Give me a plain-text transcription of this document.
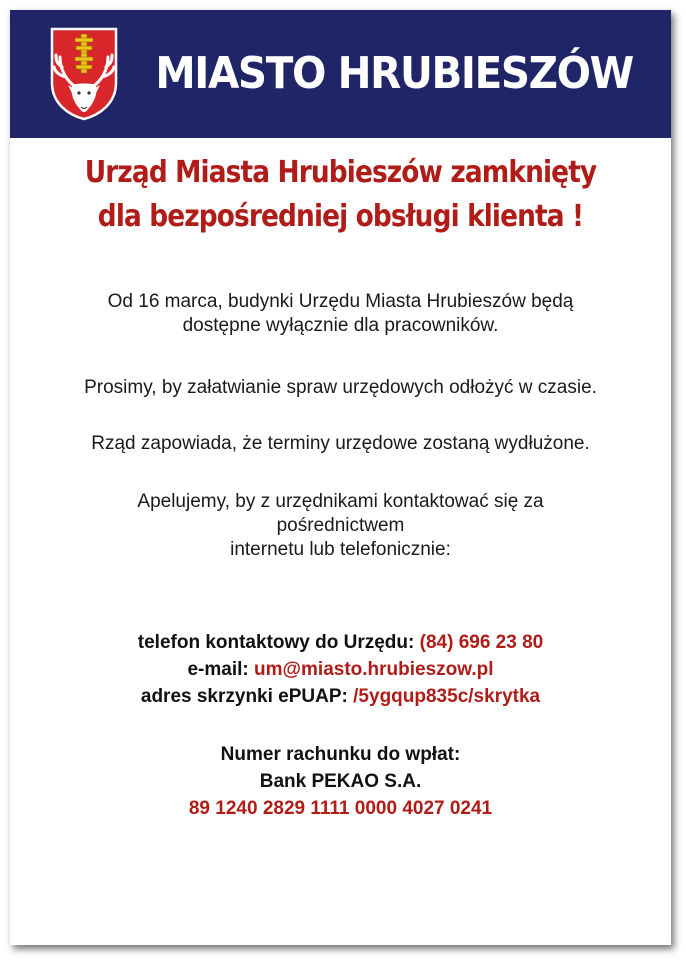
MIASTO HRUBIESZÓW
Urząd Miasta Hrubieszów zamknięty
dla bezpośredniej obsługi klienta !
Od 16 marca, budynki Urzędu Miasta Hrubieszów będą
dostępne wyłącznie dla pracowników.
Prosimy, by załatwianie spraw urzędowych odłożyć w czasie.
Rząd zapowiada, że terminy urzędowe zostaną wydłużone.
Apelujemy, by z urzędnikami kontaktować się za
pośrednictwem
internetu lub telefonicznie:
telefon kontaktowy do Urzędu: (84) 696 23 80
e-mail: um@miasto.hrubieszow.pl
adres skrzynki ePUAP: /5ygqup835c/skrytka
Numer rachunku do wpłat:
Bank PEKAO S.A.
89 1240 2829 1111 0000 4027 0241
